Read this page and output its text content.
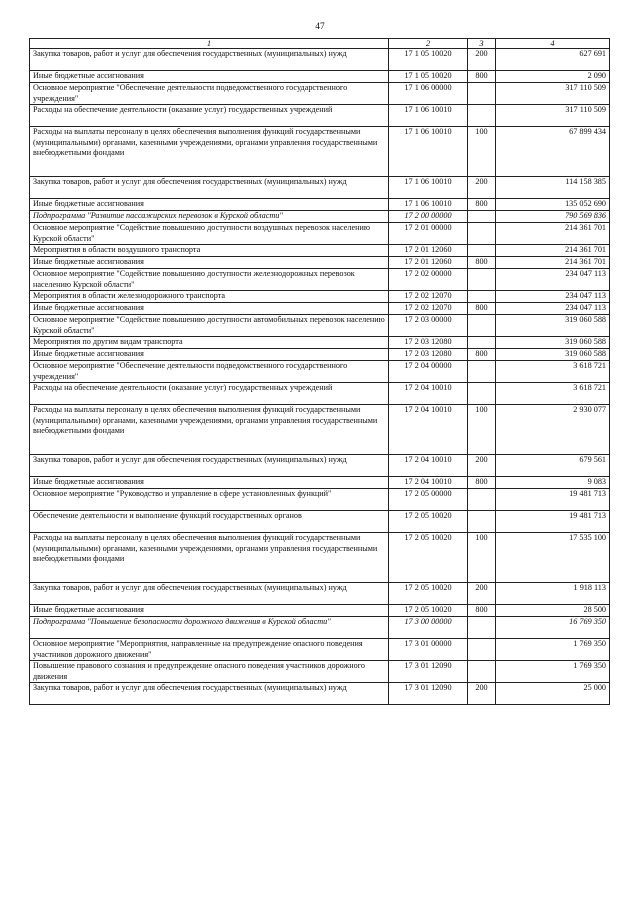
47
1	2	3	4
Закупка товаров, работ и услуг для обеспечения государственных (муниципальных) нужд	17 1 05 10020	200	627 691
Иные бюджетные ассигнования	17 1 05 10020	800	2 090
Основное мероприятие "Обеспечение деятельности подведомственного государственного учреждения"	17 1 06 00000		317 110 509
Расходы на обеспечение деятельности (оказание услуг) государственных учреждений	17 1 06 10010		317 110 509
Расходы на выплаты персоналу в целях обеспечения выполнения функций государственными (муниципальными) органами, казенными учреждениями, органами управления государственными внебюджетными фондами	17 1 06 10010	100	67 899 434
Закупка товаров, работ и услуг для обеспечения государственных (муниципальных) нужд	17 1 06 10010	200	114 158 385
Иные бюджетные ассигнования	17 1 06 10010	800	135 052 690
Подпрограмма "Развитие пассажирских перевозок в Курской области"	17 2 00 00000		790 569 836
Основное мероприятие "Содействие повышению доступности воздушных перевозок населению Курской области"	17 2 01 00000		214 361 701
Мероприятия в области воздушного транспорта	17 2 01 12060		214 361 701
Иные бюджетные ассигнования	17 2 01 12060	800	214 361 701
Основное мероприятие "Содействие повышению доступности железнодорожных перевозок населению Курской области"	17 2 02 00000		234 047 113
Мероприятия в области железнодорожного транспорта	17 2 02 12070		234 047 113
Иные бюджетные ассигнования	17 2 02 12070	800	234 047 113
Основное мероприятие "Содействие повышению доступности автомобильных перевозок населению Курской области"	17 2 03 00000		319 060 588
Мероприятия по другим видам транспорта	17 2 03 12080		319 060 588
Иные бюджетные ассигнования	17 2 03 12080	800	319 060 588
Основное мероприятие "Обеспечение деятельности подведомственного государственного учреждения"	17 2 04 00000		3 618 721
Расходы на обеспечение деятельности (оказание услуг) государственных учреждений	17 2 04 10010		3 618 721
Расходы на выплаты персоналу в целях обеспечения выполнения функций государственными (муниципальными) органами, казенными учреждениями, органами управления государственными внебюджетными фондами	17 2 04 10010	100	2 930 077
Закупка товаров, работ и услуг для обеспечения государственных (муниципальных) нужд	17 2 04 10010	200	679 561
Иные бюджетные ассигнования	17 2 04 10010	800	9 083
Основное мероприятие "Руководство и управление в сфере установленных функций"	17 2 05 00000		19 481 713
Обеспечение деятельности и выполнение функций государственных органов	17 2 05 10020		19 481 713
Расходы на выплаты персоналу в целях обеспечения выполнения функций государственными (муниципальными) органами, казенными учреждениями, органами управления государственными внебюджетными фондами	17 2 05 10020	100	17 535 100
Закупка товаров, работ и услуг для обеспечения государственных (муниципальных) нужд	17 2 05 10020	200	1 918 113
Иные бюджетные ассигнования	17 2 05 10020	800	28 500
Подпрограмма "Повышение безопасности дорожного движения в Курской области"	17 3 00 00000		16 769 350
Основное мероприятие "Мероприятия, направленные на предупреждение опасного поведения участников дорожного движения"	17 3 01 00000		1 769 350
Повышение правового сознания и предупреждение опасного поведения участников дорожного движения	17 3 01 12090		1 769 350
Закупка товаров, работ и услуг для обеспечения государственных (муниципальных) нужд	17 3 01 12090	200	25 000
